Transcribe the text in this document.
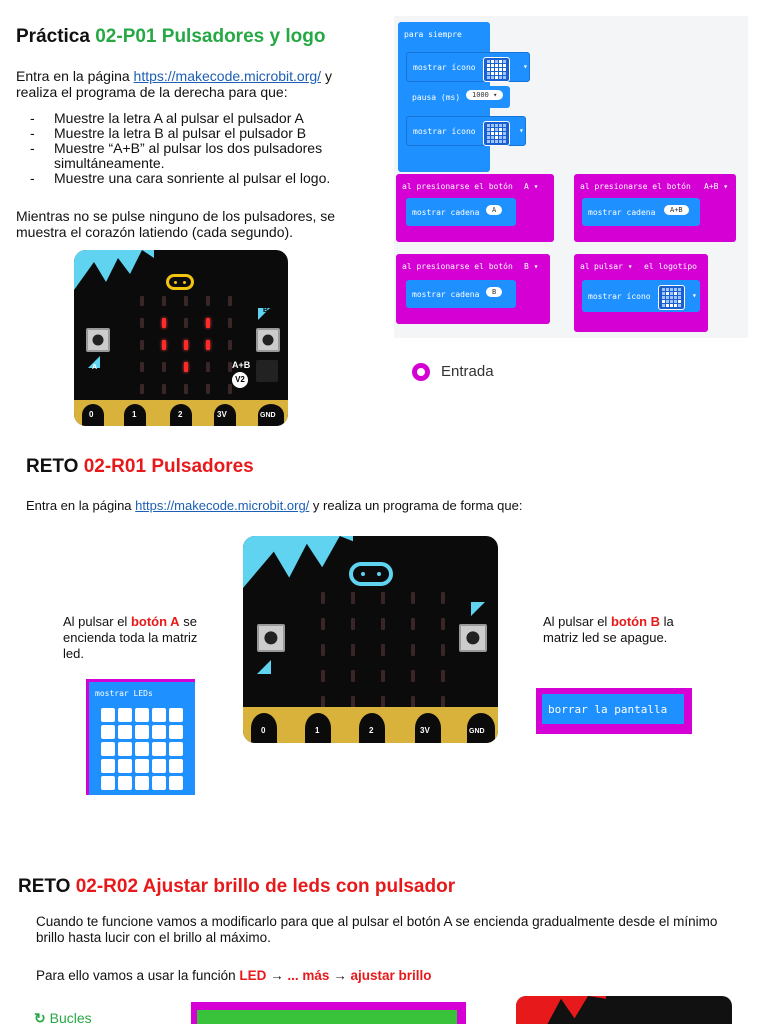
Práctica 02-P01 Pulsadores y logo
Entra en la página https://makecode.microbit.org/ y
realiza el programa de la derecha para que:
- Muestre la letra A al pulsar el pulsador A
- Muestre la letra B al pulsar el pulsador B
- Muestre “A+B” al pulsar los dos pulsadores simultáneamente.
- Muestre una cara sonriente al pulsar el logo.
Mientras no se pulse ninguno de los pulsadores, se muestra el corazón latiendo (cada segundo).
A
B
A+B
V2
0	1	2	3V	GND
para siempre
mostrar ícono	▾
pausa (ms)	1000 ▾
mostrar ícono	▾
al presionarse el botón A ▾
mostrar cadena	A
al presionarse el botón A+B ▾
mostrar cadena	A+B
al presionarse el botón B ▾
mostrar cadena	B
al pulsar ▾ el logotipo
mostrar ícono	▾
Entrada
RETO 02-R01 Pulsadores
Entra en la página https://makecode.microbit.org/ y realiza un programa de forma que:
Al pulsar el botón A se encienda toda la matriz led.
Al pulsar el botón B la matriz led se apague.
mostrar LEDs
borrar la pantalla
0	1	2	3V	GND
RETO 02-R02 Ajustar brillo de leds con pulsador
Cuando te funcione vamos a modificarlo para que al pulsar el botón A se encienda gradualmente desde el mínimo brillo hasta lucir con el brillo al máximo.
Para ello vamos a usar la función LED → ... más → ajustar brillo
↻ Bucles
